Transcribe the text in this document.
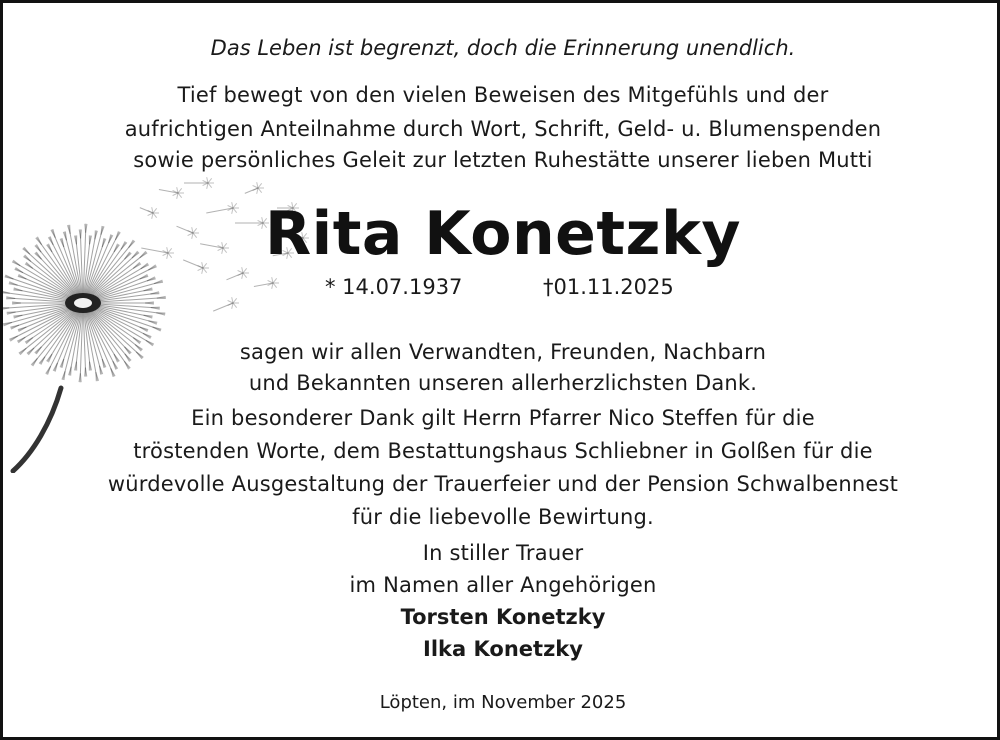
Das Leben ist begrenzt, doch die Erinnerung unendlich.
Tief bewegt von den vielen Beweisen des Mitgefühls und der
aufrichtigen Anteilnahme durch Wort, Schrift, Geld- u. Blumenspenden
sowie persönliches Geleit zur letzten Ruhestätte unserer lieben Mutti
Rita Konetzky
* 14.07.1937	†01.11.2025
sagen wir allen Verwandten, Freunden, Nachbarn
und Bekannten unseren allerherzlichsten Dank.
Ein besonderer Dank gilt Herrn Pfarrer Nico Steffen für die
tröstenden Worte, dem Bestattungshaus Schliebner in Golßen für die
würdevolle Ausgestaltung der Trauerfeier und der Pension Schwalbennest
für die liebevolle Bewirtung.
In stiller Trauer
im Namen aller Angehörigen
Torsten Konetzky
Ilka Konetzky
Löpten, im November 2025
